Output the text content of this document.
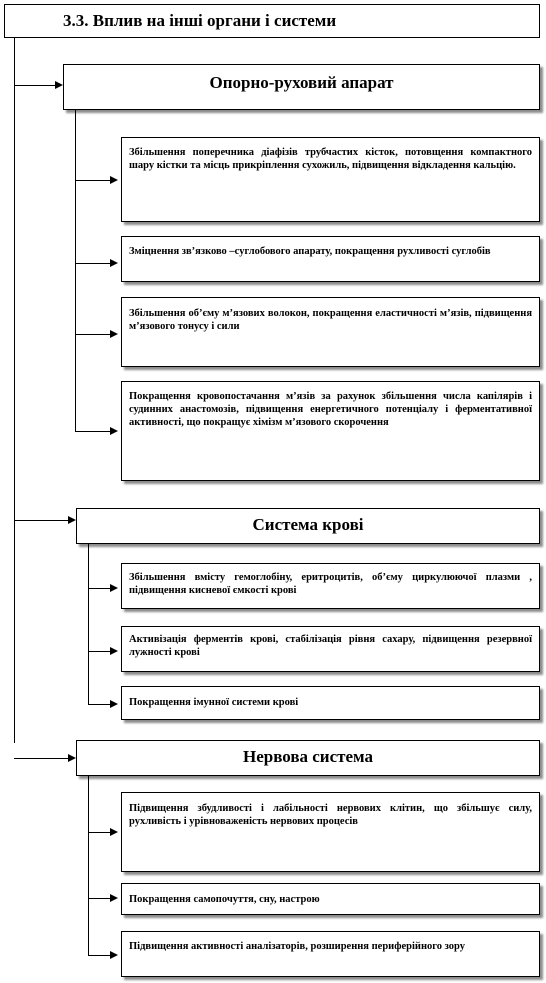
3.3. Вплив на інші органи і системи
Опорно-руховий апарат
Збільшення поперечника діафізів трубчастих кісток, потовщення компактного шару кістки та місць прикріплення сухожиль, підвищення відкладення кальцію.
Зміцнення зв’язково –суглобового апарату, покращення рухливості суглобів
Збільшення об’єму м’язових волокон, покращення еластичності м’язів, підвищення м’язового тонусу і сили
Покращення кровопостачання м’язів за рахунок збільшення числа капілярів і судинних анастомозів, підвищення енергетичного потенціалу і ферментативної активності, що покращує хімізм м’язового скорочення
Система крові
Збільшення вмісту гемоглобіну, еритроцитів, об’єму циркулюючої плазми , підвищення кисневої ємкості крові
Активізація ферментів крові, стабілізація рівня сахару, підвищення резервної лужності крові
Покращення імунної системи крові
Нервова система
Підвищення збудливості і лабільності нервових клітин, що збільшує силу, рухливість і урівноваженість нервових процесів
Покращення самопочуття, сну, настрою
Підвищення активності аналізаторів, розширення периферійного зору
